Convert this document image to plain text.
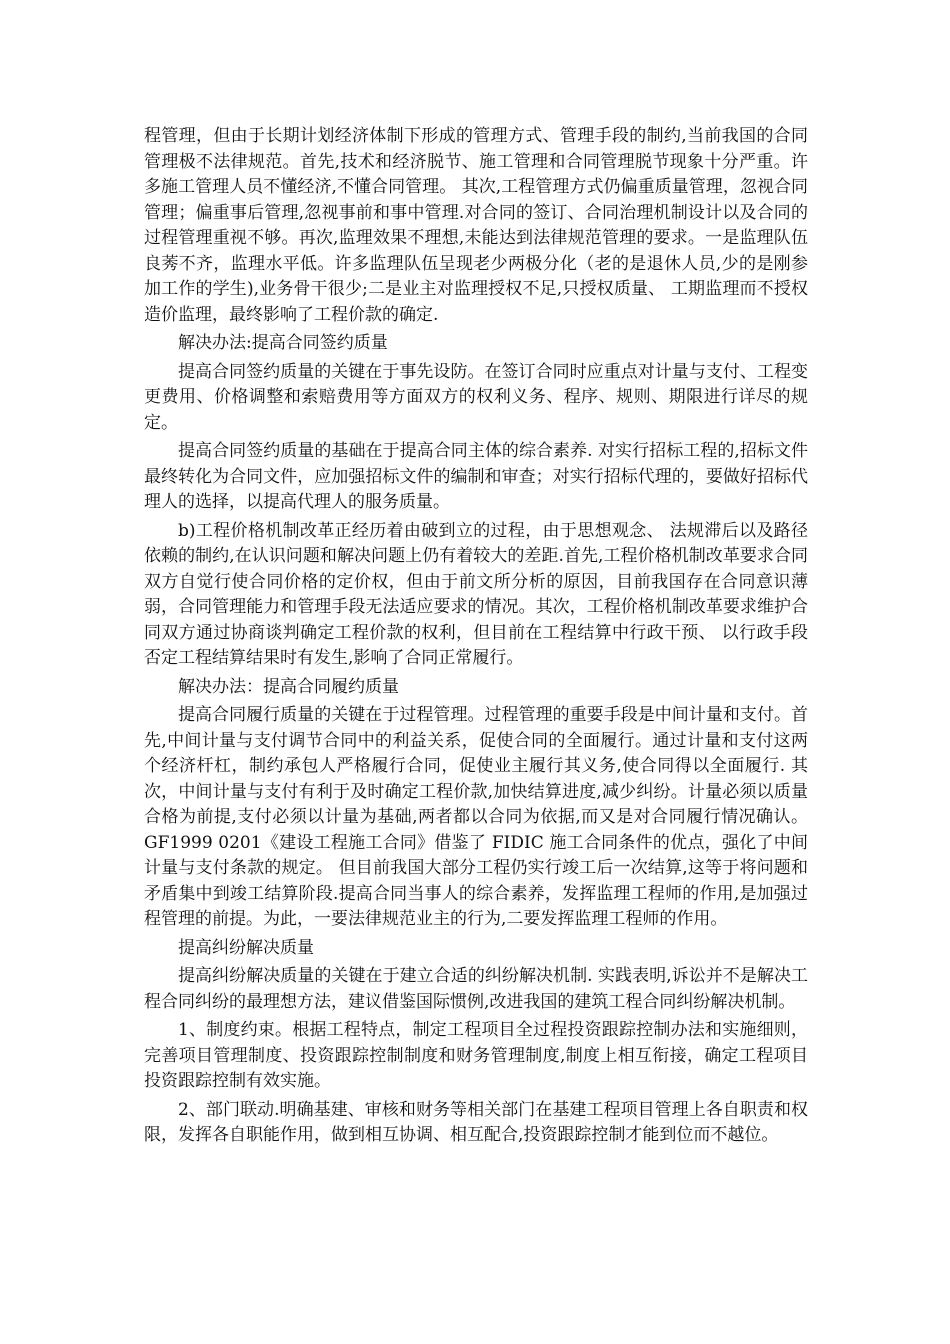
程管理，但由于长期计划经济体制下形成的管理方式、管理手段的制约,当前我国的合同管理极不法律规范。首先,技术和经济脱节、施工管理和合同管理脱节现象十分严重。许多施工管理人员不懂经济,不懂合同管理。 其次,工程管理方式仍偏重质量管理，忽视合同管理；偏重事后管理,忽视事前和事中管理.对合同的签订、合同治理机制设计以及合同的过程管理重视不够。再次,监理效果不理想,未能达到法律规范管理的要求。一是监理队伍良莠不齐，监理水平低。许多监理队伍呈现老少两极分化（老的是退休人员,少的是刚参加工作的学生),业务骨干很少;二是业主对监理授权不足,只授权质量、 工期监理而不授权造价监理，最终影响了工程价款的确定.

解决办法:提高合同签约质量

提高合同签约质量的关键在于事先设防。在签订合同时应重点对计量与支付、工程变更费用、价格调整和索赔费用等方面双方的权利义务、程序、规则、期限进行详尽的规定。

提高合同签约质量的基础在于提高合同主体的综合素养. 对实行招标工程的,招标文件最终转化为合同文件，应加强招标文件的编制和审查；对实行招标代理的，要做好招标代理人的选择，以提高代理人的服务质量。

b)工程价格机制改革正经历着由破到立的过程，由于思想观念、 法规滞后以及路径依赖的制约,在认识问题和解决问题上仍有着较大的差距.首先,工程价格机制改革要求合同双方自觉行使合同价格的定价权，但由于前文所分析的原因，目前我国存在合同意识薄弱，合同管理能力和管理手段无法适应要求的情况。其次，工程价格机制改革要求维护合同双方通过协商谈判确定工程价款的权利，但目前在工程结算中行政干预、 以行政手段否定工程结算结果时有发生,影响了合同正常履行。

解决办法：提高合同履约质量

提高合同履行质量的关键在于过程管理。过程管理的重要手段是中间计量和支付。首先,中间计量与支付调节合同中的利益关系，促使合同的全面履行。通过计量和支付这两个经济杆杠，制约承包人严格履行合同，促使业主履行其义务,使合同得以全面履行. 其次，中间计量与支付有利于及时确定工程价款,加快结算进度,减少纠纷。计量必须以质量合格为前提,支付必须以计量为基础,两者都以合同为依据,而又是对合同履行情况确认。GF1999 0201《建设工程施工合同》借鉴了 FIDIC 施工合同条件的优点，强化了中间计量与支付条款的规定。 但目前我国大部分工程仍实行竣工后一次结算,这等于将问题和矛盾集中到竣工结算阶段.提高合同当事人的综合素养，发挥监理工程师的作用,是加强过程管理的前提。为此，一要法律规范业主的行为,二要发挥监理工程师的作用。

提高纠纷解决质量

提高纠纷解决质量的关键在于建立合适的纠纷解决机制. 实践表明,诉讼并不是解决工程合同纠纷的最理想方法，建议借鉴国际惯例,改进我国的建筑工程合同纠纷解决机制。

1、制度约束。根据工程特点，制定工程项目全过程投资跟踪控制办法和实施细则，完善项目管理制度、投资跟踪控制制度和财务管理制度,制度上相互衔接，确定工程项目投资跟踪控制有效实施。

2、部门联动.明确基建、审核和财务等相关部门在基建工程项目管理上各自职责和权限，发挥各自职能作用，做到相互协调、相互配合,投资跟踪控制才能到位而不越位。
